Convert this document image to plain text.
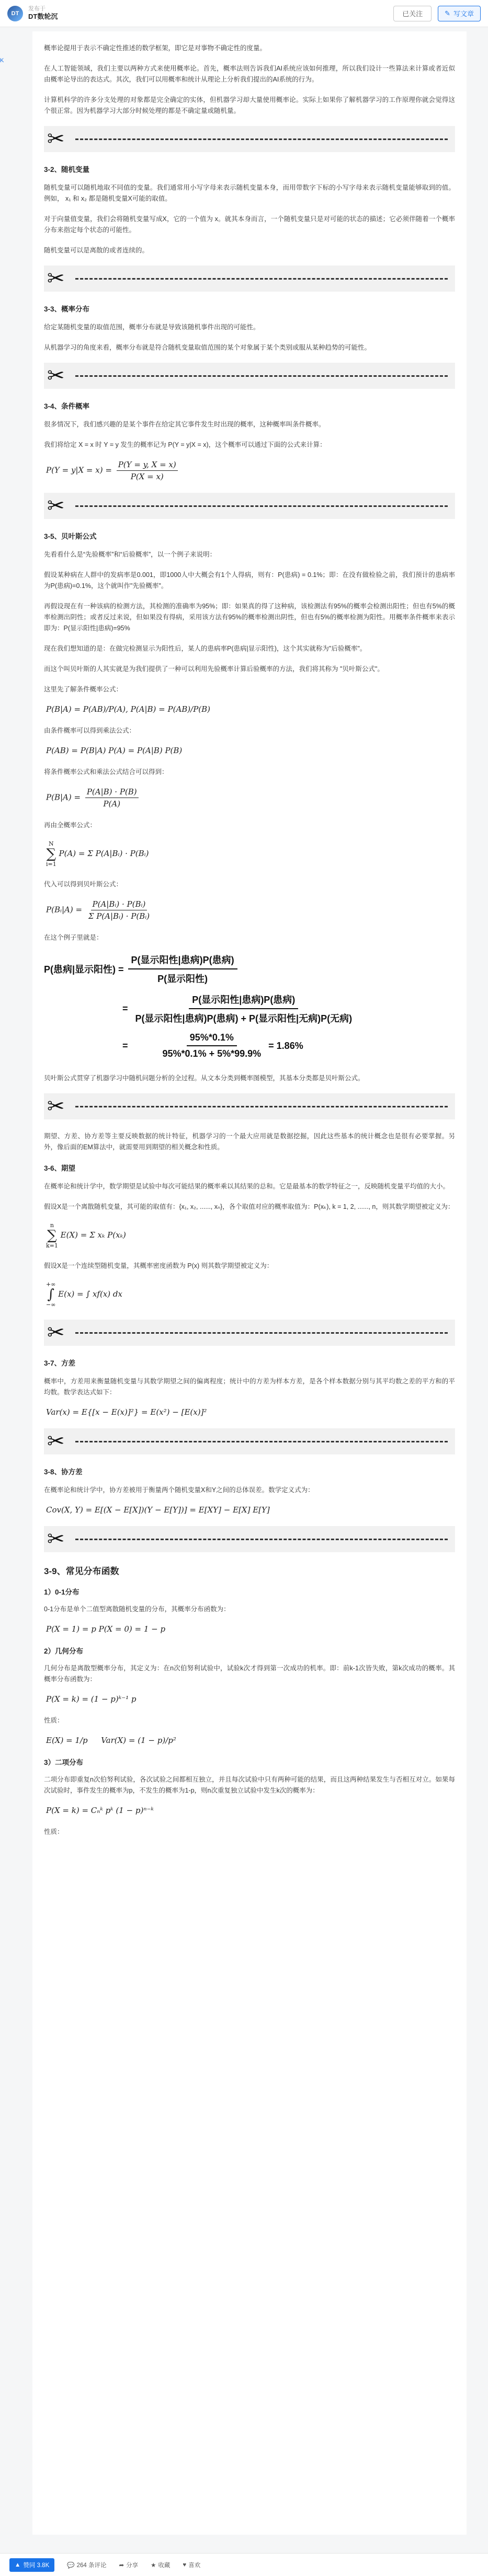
DT
发布于
DT数轮沉	已关注	✎ 写文章
K

概率论提用于表示不确定性推述的数学框架，即它是对事物不确定性的度量。

在人工智能领域，我们主要以两种方式来使用概率论。首先，概率法则告诉我们AI系统应该如何推理，所以我们设计一些算法来计算或者近似由概率论导出的表达式。其次，我们可以用概率和统计从理论上分析我们提出的AI系统的行为。

计算机科学的许多分支处理的对象都是完全确定的实体，但机器学习却大量使用概率论。实际上如果你了解机器学习的工作原理你就会觉得这个很正常。因为机器学习大部分时候处理的都是不确定量或随机量。

✂
3-2、随机变量

随机变量可以随机地取不同值的变量。我们通常用小写字母来表示随机变量本身，而用带数字下标的小写字母来表示随机变量能够取到的值。例如， x₁ 和 x₂ 都是随机变量X可能的取值。

对于向量值变量，我们会将随机变量写成X，它的一个值为 x。就其本身而言，一个随机变量只是对可能的状态的描述；它必须伴随着一个概率分布来指定每个状态的可能性。

随机变量可以是离散的或者连续的。

✂
3-3、概率分布

给定某随机变量的取值范围，概率分布就是导致该随机事件出现的可能性。

从机器学习的角度来看，概率分布就是符合随机变量取值范围的某个对象属于某个类别或服从某种趋势的可能性。

✂
3-4、条件概率

很多情况下，我们感兴趣的是某个事件在给定其它事件发生时出现的概率，这种概率叫条件概率。

我们将给定 X = x 时 Y = y 发生的概率记为 P(Y = y|X = x)，这个概率可以通过下面的公式来计算：

$P(Y = y|X = x) = \frac{P(Y = y, X = x)}{P(X = x)}$
✂
3-5、贝叶斯公式

先看看什么是“先验概率”和“后验概率”，以一个例子来说明：

假设某种病在人群中的发病率是0.001，即1000人中大概会有1个人得病，则有：P(患病) = 0.1%；即：在没有做检验之前，我们预计的患病率为P(患病)=0.1%，这个就叫作"先验概率"。

再假设现在有一种该病的检测方法，其检测的准确率为95%；即：如果真的得了这种病，该检测法有95%的概率会检测出阳性；但也有5%的概率检测出阴性；或者反过来说，但如果没有得病，采用该方法有95%的概率检测出阴性，但也有5%的概率检测为阳性。用概率条件概率来表示即为：P(显示阳性|患病)=95%

现在我们想知道的是：在做完检测显示为阳性后，某人的患病率P(患病|显示阳性)，这个其实就称为"后验概率"。

而这个叫贝叶斯的人其实就是为我们提供了一种可以利用先验概率计算后验概率的方法，我们将其称为 "贝叶斯公式"。

这里先了解条件概率公式：

P(B|A) = P(AB)/P(A), P(A|B) = P(AB)/P(B)

由条件概率可以得到乘法公式：

P(AB) = P(B|A) P(A) = P(A|B) P(B)

将条件概率公式和乘法公式结合可以得到：

$P(B|A) = \frac{P(A|B) \cdot P(B)}{P(A)}$

再由全概率公式：

N
∑
i=1
P(A) = Σ P(A|Bᵢ) · P(Bᵢ)

代入可以得到贝叶斯公式：

P(Bᵢ|A) = $\frac{\text{P(A|Bᵢ) · P(Bᵢ)}}{\text{Σ P(A|Bᵢ) · P(Bᵢ)}}$

在这个例子里就是：

P(患病|显示阳性) =
P(显示阳性|患病)P(患病)
P(显示阳性)
=
P(显示阳性|患病)P(患病)
P(显示阳性|患病)P(患病) + P(显示阳性|无病)P(无病)
=	$\frac{95\%*0.1\%}{95\%*0.1\% + 5\%*99.9\%} = 1.86\%$

贝叶斯公式贯穿了机器学习中随机问题分析的全过程。从文本分类到概率图模型，其基本分类都是贝叶斯公式。

✂

期望、方差、协方差等主要反映数据的统计特征，机器学习的一个最大应用就是数据挖掘，因此这些基本的统计概念也是很有必要掌握。另外，像后面的EM算法中，就需要用到期望的相关概念和性质。

3-6、期望

在概率论和统计学中，数学期望是试验中每次可能结果的概率乘以其结果的总和。它是最基本的数学特征之一，反映随机变量平均值的大小。

假设X是一个离散随机变量，其可能的取值有：{x₁, x₂, ......, xₙ}，各个取值对应的概率取值为：P(xₖ), k = 1, 2, ......, n，则其数学期望被定义为：

n
∑
k=1
E(X) = Σ xₖ P(xₖ)

假设X是一个连续型随机变量，其概率密度函数为 P(x) 则其数学期望被定义为：

+∞
∫
−∞
E(x) = ∫ xf(x) dx
✂
3-7、方差

概率中，方差用来衡量随机变量与其数学期望之间的偏离程度；统计中的方差为样本方差，是各个样本数据分别与其平均数之差的平方和的平均数。数学表达式如下：

Var(x) = E{[x − E(x)]²} = E(x²) − [E(x)]²
✂
3-8、协方差

在概率论和统计学中，协方差被用于衡量两个随机变量X和Y之间的总体误差。数学定义式为：

Cov(X, Y) = E[(X − E[X])(Y − E[Y])] = E[XY] − E[X] E[Y]
✂
3-9、常见分布函数
1）0-1分布

0-1分布是单个二值型离散随机变量的分布，其概率分布函数为：

P(X = 1) = p P(X = 0) = 1 − p
2）几何分布

几何分布是离散型概率分布，其定义为：在n次伯努利试验中，试验k次才得到第一次成功的机率。即：前k-1次皆失败，第k次成功的概率。其概率分布函数为：

P(X = k) = (1 − p)ᵏ⁻¹ p

性质：

E(X) = 1/p Var(X) = (1 − p)/p²
3）二项分布

二项分布即重复n次伯努利试验，各次试验之间都相互独立，并且每次试验中只有两种可能的结果，而且这两种结果发生与否相互对立。如果每次试验时，事件发生的概率为p，不发生的概率为1-p，则n次重复独立试验中发生k次的概率为：

P(X = k) = Cₙᵏ pᵏ (1 − p)ⁿ⁻ᵏ

性质：

▲ 赞同 3.8K	💬 264 条评论 ➦ 分享 ★ 收藏 ♥ 喜欢
